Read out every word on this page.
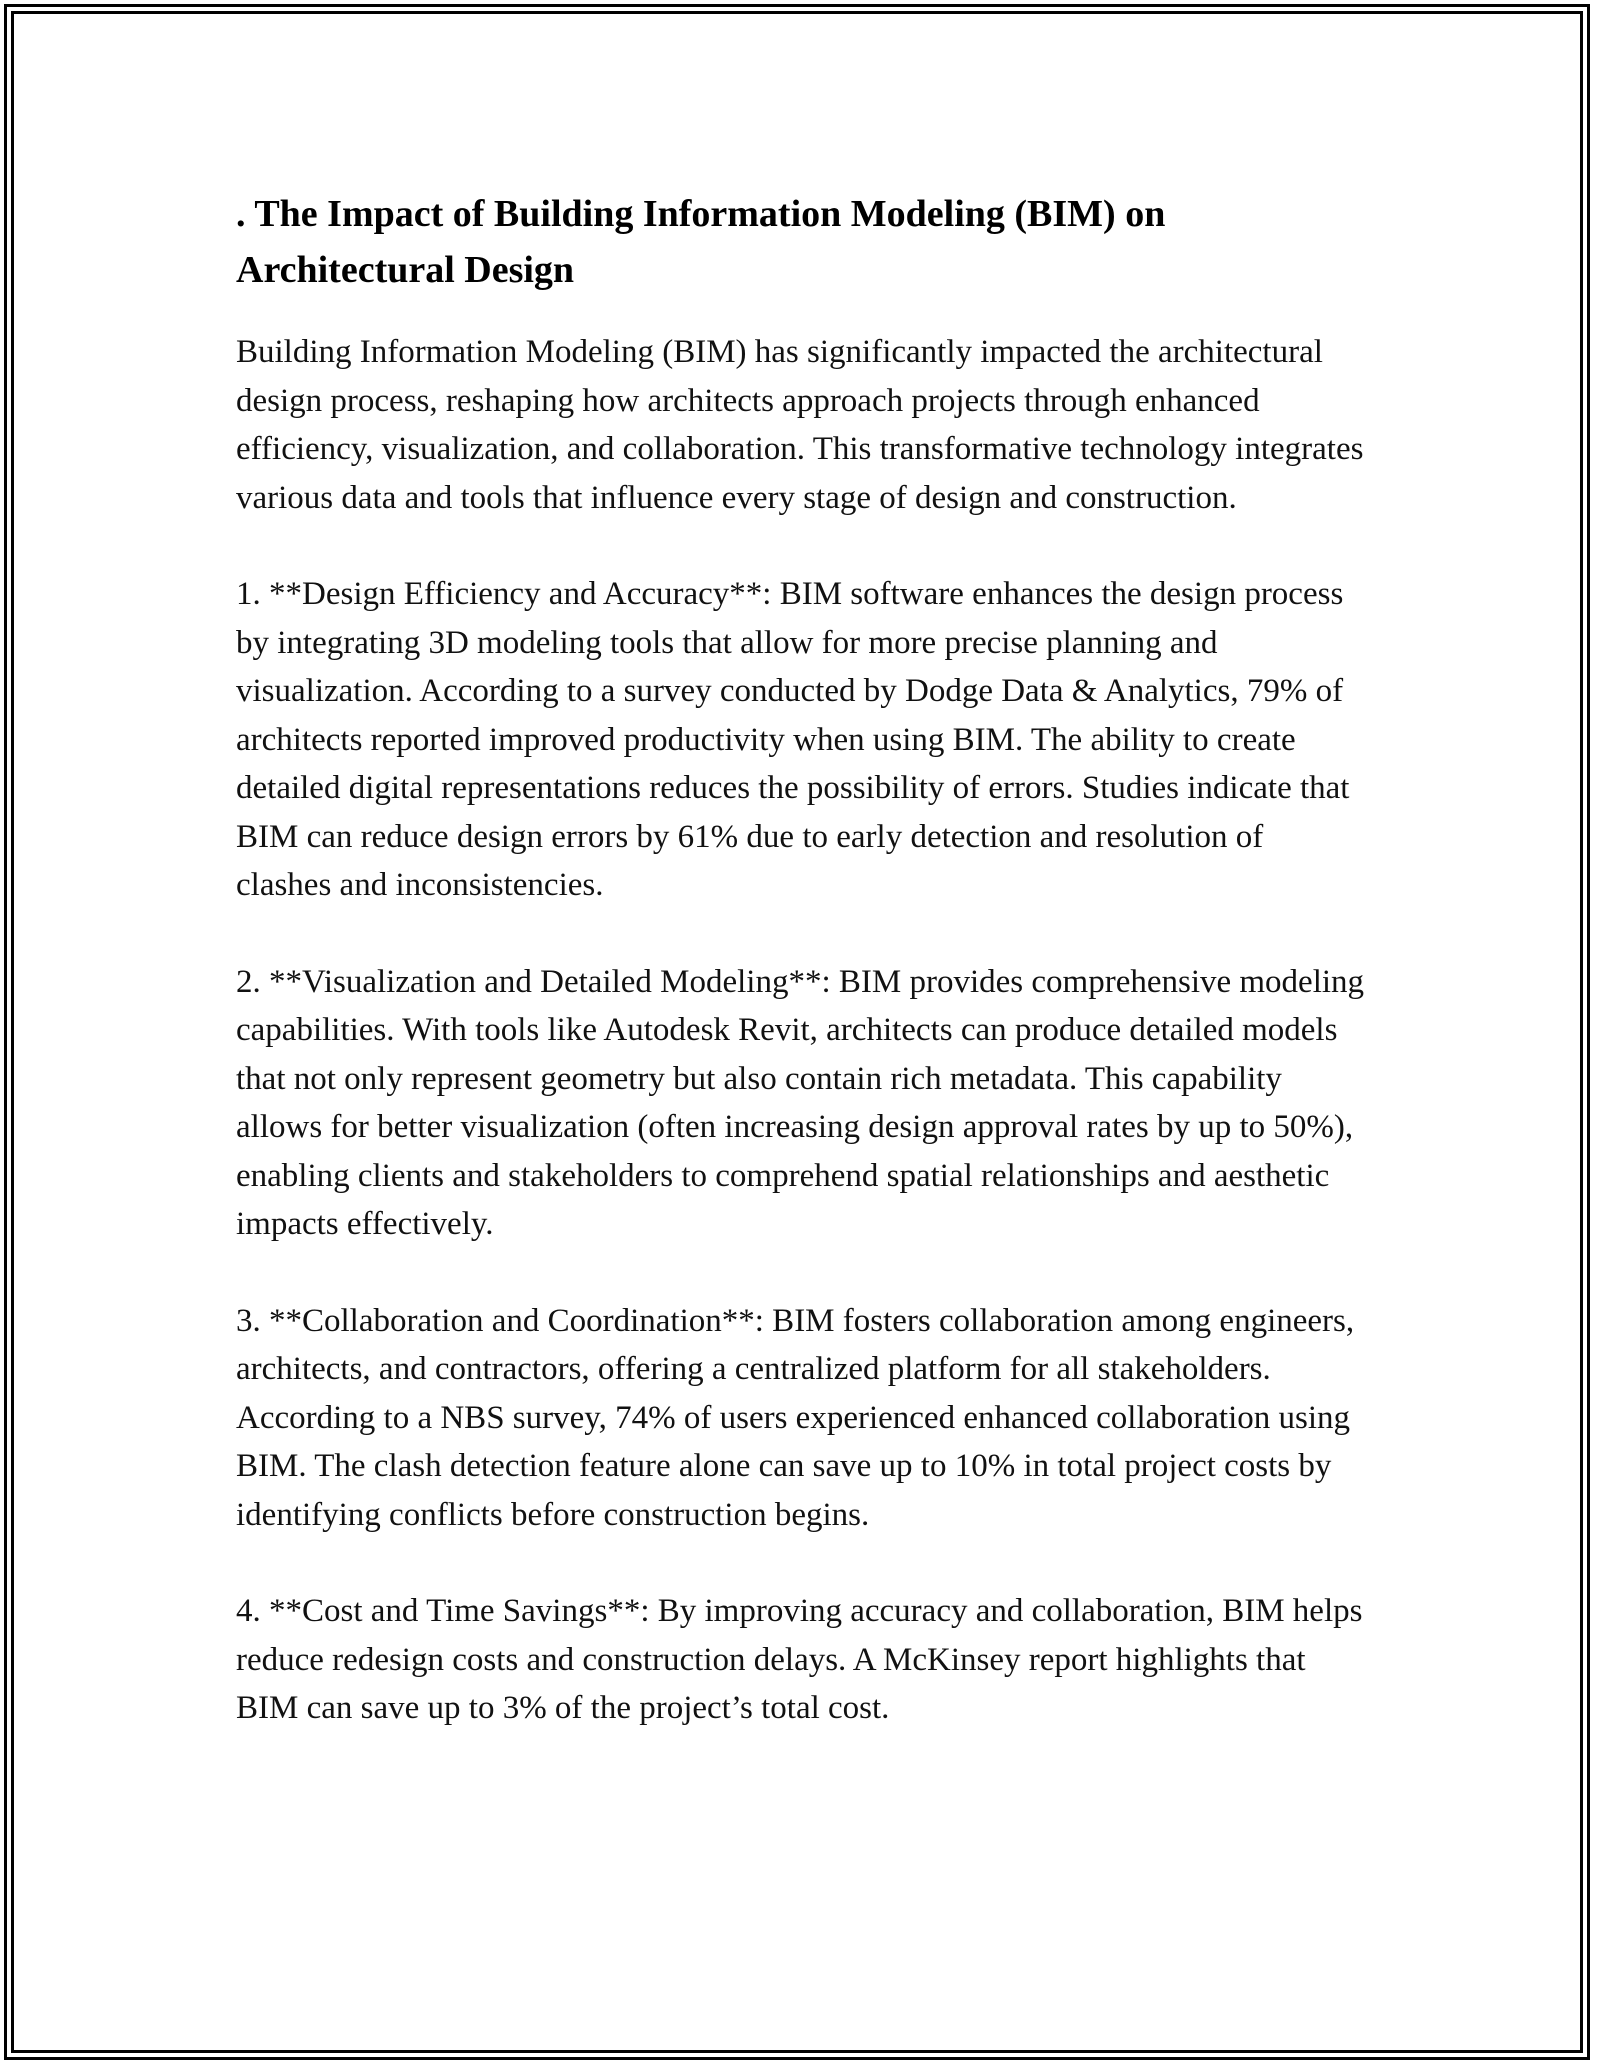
. The Impact of Building Information Modeling (BIM) on Architectural Design

Building Information Modeling (BIM) has significantly impacted the architectural design process, reshaping how architects approach projects through enhanced efficiency, visualization, and collaboration. This transformative technology integrates various data and tools that influence every stage of design and construction.

1. **Design Efficiency and Accuracy**: BIM software enhances the design process by integrating 3D modeling tools that allow for more precise planning and visualization. According to a survey conducted by Dodge Data & Analytics, 79% of architects reported improved productivity when using BIM. The ability to create detailed digital representations reduces the possibility of errors. Studies indicate that BIM can reduce design errors by 61% due to early detection and resolution of clashes and inconsistencies.

2. **Visualization and Detailed Modeling**: BIM provides comprehensive modeling capabilities. With tools like Autodesk Revit, architects can produce detailed models that not only represent geometry but also contain rich metadata. This capability allows for better visualization (often increasing design approval rates by up to 50%), enabling clients and stakeholders to comprehend spatial relationships and aesthetic impacts effectively.

3. **Collaboration and Coordination**: BIM fosters collaboration among engineers, architects, and contractors, offering a centralized platform for all stakeholders. According to a NBS survey, 74% of users experienced enhanced collaboration using BIM. The clash detection feature alone can save up to 10% in total project costs by identifying conflicts before construction begins.

4. **Cost and Time Savings**: By improving accuracy and collaboration, BIM helps reduce redesign costs and construction delays. A McKinsey report highlights that BIM can save up to 3% of the project’s total cost.
